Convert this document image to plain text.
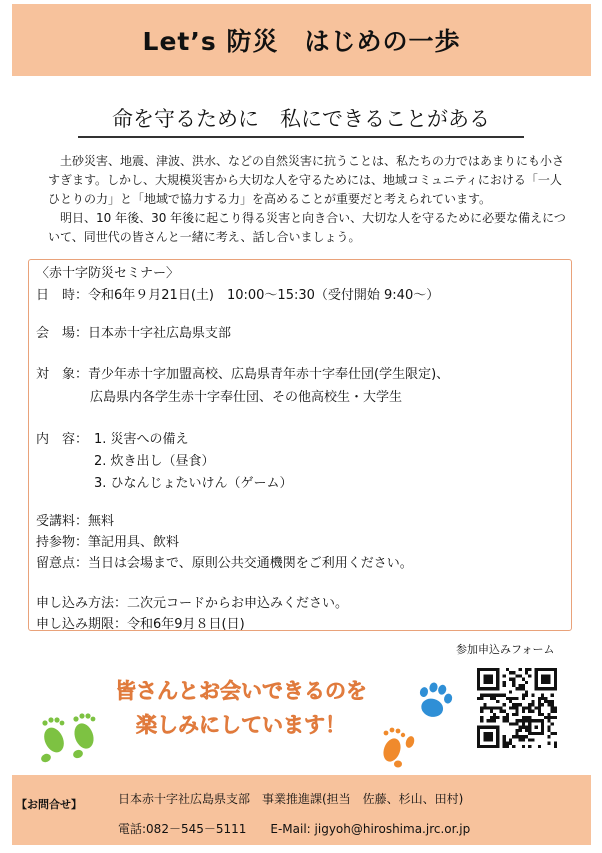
Let’s 防災　はじめの一歩
命を守るために　私にできることがある

土砂災害、地震、津波、洪水、などの自然災害に抗うことは、私たちの力ではあまりにも小さすぎます。しかし、大規模災害から大切な人を守るためには、地域コミュニティにおける「一人ひとりの力」と「地域で協力する力」を高めることが重要だと考えられています。

明日、10 年後、30 年後に起こり得る災害と向き合い、大切な人を守るために必要な備えについて、同世代の皆さんと一緒に考え、話し合いましょう。

〈赤十字防災セミナー〉
日　時：令和6年９月21日(土)　10:00～15:30（受付開始 9:40～）
会　場：日本赤十字社広島県支部
対　象：青少年赤十字加盟高校、広島県青年赤十字奉仕団(学生限定)、
広島県内各学生赤十字奉仕団、その他高校生・大学生
内　容： 1. 災害への備え
2. 炊き出し（昼食）
3. ひなんじょたいけん（ゲーム）
受講料：無料
持参物：筆記用具、飲料
留意点：当日は会場まで、原則公共交通機関をご利用ください。
申し込み方法：二次元コードからお申込みください。
申し込み期限：令和6年9月８日(日)
参加申込みフォーム
皆さんとお会いできるのを
楽しみにしています！
【お問合せ】	日本赤十字社広島県支部　事業推進課(担当　佐藤、杉山、田村)
電話:082－545－5111　　E-Mail: jigyoh@hiroshima.jrc.or.jp
